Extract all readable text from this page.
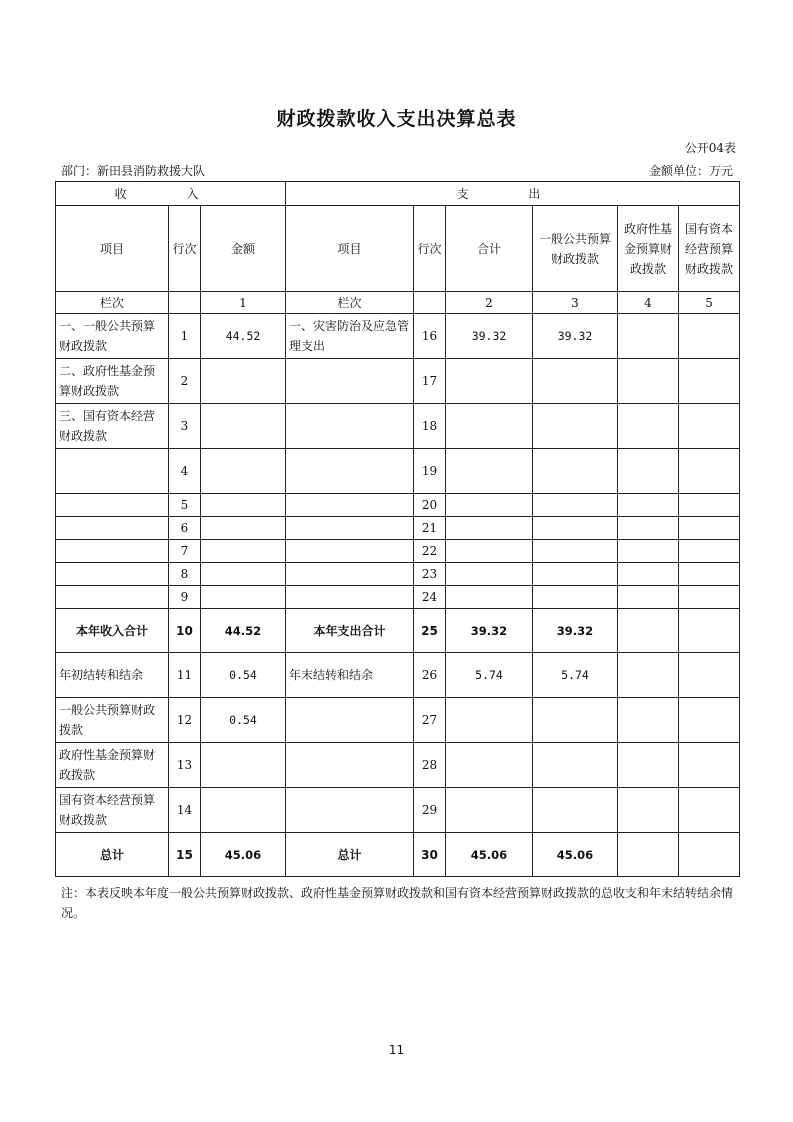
财政拨款收入支出决算总表
公开04表
部门：新田县消防救援大队	金额单位：万元
收 入			支 出					
项目	行次	金额	项目	行次	合计	一般公共预算财政拨款	政府性基金预算财政拨款	国有资本经营预算财政拨款
栏次		1	栏次		2	3	4	5
一、一般公共预算财政拨款	1	44.52	一、灾害防治及应急管理支出	16	39.32	39.32		
二、政府性基金预算财政拨款	2			17				
三、国有资本经营财政拨款	3			18				
	4			19				
	5			20				
	6			21				
	7			22				
	8			23				
	9			24				
本年收入合计	10	44.52	本年支出合计	25	39.32	39.32		
年初结转和结余	11	0.54	年末结转和结余	26	5.74	5.74		
一般公共预算财政拨款	12	0.54		27				
政府性基金预算财政拨款	13			28				
国有资本经营预算财政拨款	14			29				
总计	15	45.06	总计	30	45.06	45.06		
注：本表反映本年度一般公共预算财政拨款、政府性基金预算财政拨款和国有资本经营预算财政拨款的总收支和年末结转结余情况。
11
